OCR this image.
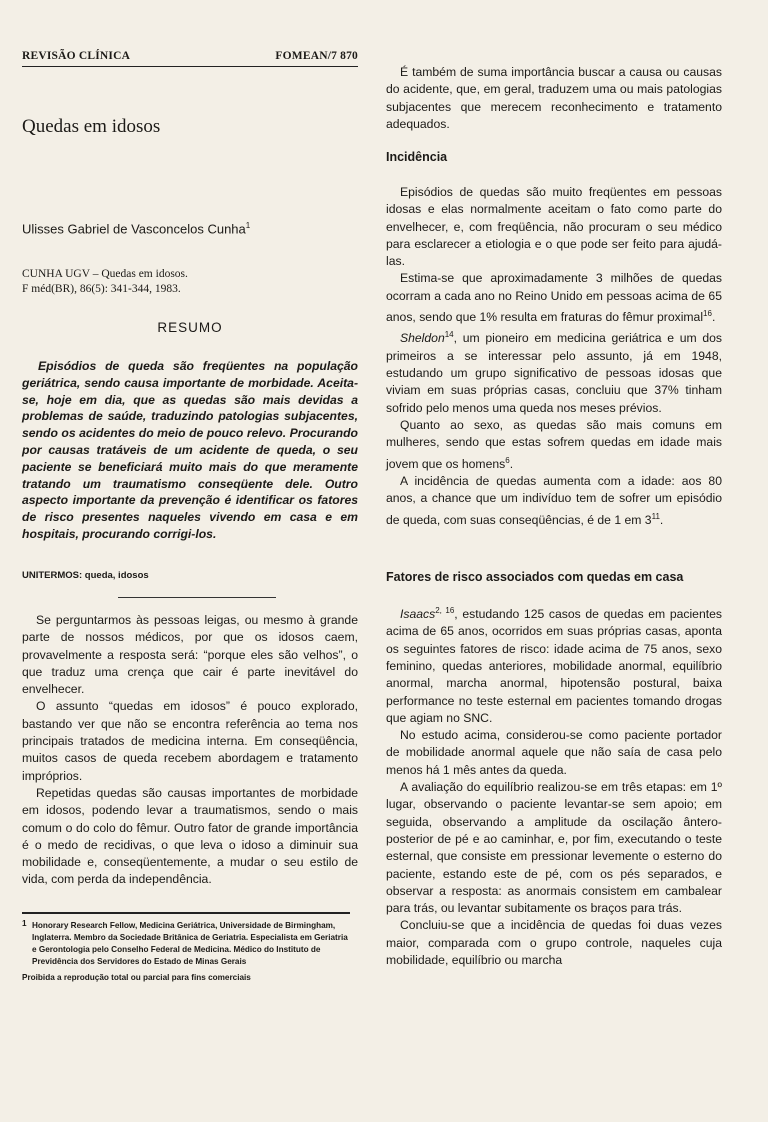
REVISÃO CLÍNICA	FOMEAN/7 870
Quedas em idosos
Ulisses Gabriel de Vasconcelos Cunha$^1$
CUNHA UGV – Quedas em idosos.
F méd(BR), 86(5): 341-344, 1983.
RESUMO

Episódios de queda são freqüentes na população geriátrica, sendo causa importante de morbidade. Aceita-se, hoje em dia, que as quedas são mais devidas a problemas de saúde, traduzindo patologias subjacentes, sendo os acidentes do meio de pouco relevo. Procurando por causas tratáveis de um acidente de queda, o seu paciente se beneficiará muito mais do que meramente tratando um traumatismo conseqüente dele. Outro aspecto importante da prevenção é identificar os fatores de risco presentes naqueles vivendo em casa e em hospitais, procurando corrigi-los.

UNITERMOS: queda, idosos

Se perguntarmos às pessoas leigas, ou mesmo à grande parte de nossos médicos, por que os idosos caem, provavelmente a resposta será: “porque eles são velhos”, o que traduz uma crença que cair é parte inevitável do envelhecer.

O assunto “quedas em idosos” é pouco explorado, bastando ver que não se encontra referência ao tema nos principais tratados de medicina interna. Em conseqüência, muitos casos de queda recebem abordagem e tratamento impróprios.

Repetidas quedas são causas importantes de morbidade em idosos, podendo levar a traumatismos, sendo o mais comum o do colo do fêmur. Outro fator de grande importância é o medo de recidivas, o que leva o idoso a diminuir sua mobilidade e, conseqüentemente, a mudar o seu estilo de vida, com perda da independência.

1 Honorary Research Fellow, Medicina Geriátrica, Universidade de Birmingham, Inglaterra. Membro da Sociedade Britânica de Geriatria. Especialista em Geriatria e Gerontologia pelo Conselho Federal de Medicina. Médico do Instituto de Previdência dos Servidores do Estado de Minas Gerais
Proibida a reprodução total ou parcial para fins comerciais

É também de suma importância buscar a causa ou causas do acidente, que, em geral, traduzem uma ou mais patologias subjacentes que merecem reconhecimento e tratamento adequados.

Incidência

Episódios de quedas são muito freqüentes em pessoas idosas e elas normalmente aceitam o fato como parte do envelhecer, e, com freqüência, não procuram o seu médico para esclarecer a etiologia e o que pode ser feito para ajudá-las.

Estima-se que aproximadamente 3 milhões de quedas ocorram a cada ano no Reino Unido em pessoas acima de 65 anos, sendo que 1% resulta em fraturas do fêmur proximal$^{16}$.

Sheldon$^{14}$, um pioneiro em medicina geriátrica e um dos primeiros a se interessar pelo assunto, já em 1948, estudando um grupo significativo de pessoas idosas que viviam em suas próprias casas, concluiu que 37% tinham sofrido pelo menos uma queda nos meses prévios.

Quanto ao sexo, as quedas são mais comuns em mulheres, sendo que estas sofrem quedas em idade mais jovem que os homens$^6$.

A incidência de quedas aumenta com a idade: aos 80 anos, a chance que um indivíduo tem de sofrer um episódio de queda, com suas conseqüências, é de 1 em $3^{11}$.

Fatores de risco associados com quedas em casa

Isaacs$^{2, 16}$, estudando 125 casos de quedas em pacientes acima de 65 anos, ocorridos em suas próprias casas, aponta os seguintes fatores de risco: idade acima de 75 anos, sexo feminino, quedas anteriores, mobilidade anormal, equilíbrio anormal, marcha anormal, hipotensão postural, baixa performance no teste esternal em pacientes tomando drogas que agiam no SNC.

No estudo acima, considerou-se como paciente portador de mobilidade anormal aquele que não saía de casa pelo menos há 1 mês antes da queda.

A avaliação do equilíbrio realizou-se em três etapas: em 1º lugar, observando o paciente levantar-se sem apoio; em seguida, observando a amplitude da oscilação ântero-posterior de pé e ao caminhar, e, por fim, executando o teste esternal, que consiste em pressionar levemente o esterno do paciente, estando este de pé, com os pés separados, e observar a resposta: as anormais consistem em cambalear para trás, ou levantar subitamente os braços para trás.

Concluiu-se que a incidência de quedas foi duas vezes maior, comparada com o grupo controle, naqueles cuja mobilidade, equilíbrio ou marcha
